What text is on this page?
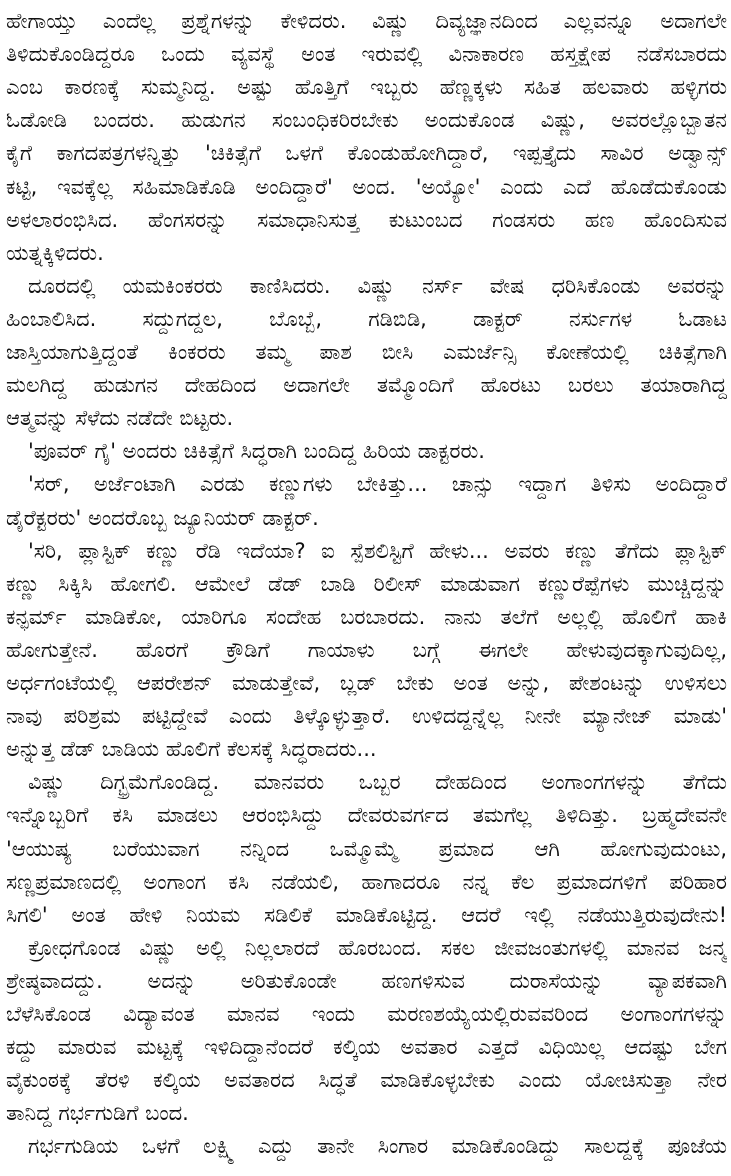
ಹೇಗಾಯ್ತು ಎಂದೆಲ್ಲ ಪ್ರಶ್ನೆಗಳನ್ನು ಕೇಳಿದರು. ವಿಷ್ಣು ದಿವ್ಯಜ್ಞಾನದಿಂದ ಎಲ್ಲವನ್ನೂ ಅದಾಗಲೇ
ತಿಳಿದುಕೊಂಡಿದ್ದರೂ ಒಂದು ವ್ಯವಸ್ಥೆ ಅಂತ ಇರುವಲ್ಲಿ ವಿನಾಕಾರಣ ಹಸ್ತಕ್ಷೇಪ ನಡೆಸಬಾರದು
ಎಂಬ ಕಾರಣಕ್ಕೆ ಸುಮ್ಮನಿದ್ದ. ಅಷ್ಟು ಹೊತ್ತಿಗೆ ಇಬ್ಬರು ಹೆಣ್ಣಕ್ಕಳು ಸಹಿತ ಹಲವಾರು ಹಳ್ಳಿಗರು
ಓಡೋಡಿ ಬಂದರು. ಹುಡುಗನ ಸಂಬಂಧಿಕರಿರಬೇಕು ಅಂದುಕೊಂಡ ವಿಷ್ಣು, ಅವರಲ್ಲೊಬ್ಬಾತನ
ಕೈಗೆ ಕಾಗದಪತ್ರಗಳನ್ನಿತ್ತು 'ಚಿಕಿತ್ಸೆಗೆ ಒಳಗೆ ಕೊಂಡುಹೋಗಿದ್ದಾರೆ, ಇಪ್ಪತ್ತೈದು ಸಾವಿರ ಅಡ್ವಾನ್ಸ್
ಕಟ್ಟಿ, ಇವಕ್ಕೆಲ್ಲ ಸಹಿಮಾಡಿಕೊಡಿ ಅಂದಿದ್ದಾರೆ' ಅಂದ. 'ಅಯ್ಯೋ' ಎಂದು ಎದೆ ಹೊಡೆದುಕೊಂಡು
ಅಳಲಾರಂಭಿಸಿದ. ಹೆಂಗಸರನ್ನು ಸಮಾಧಾನಿಸುತ್ತ ಕುಟುಂಬದ ಗಂಡಸರು ಹಣ ಹೊಂದಿಸುವ
ಯತ್ನಕ್ಕಿಳಿದರು.
ದೂರದಲ್ಲಿ ಯಮಕಿಂಕರರು ಕಾಣಿಸಿದರು. ವಿಷ್ಣು ನರ್ಸ್ ವೇಷ ಧರಿಸಿಕೊಂಡು ಅವರನ್ನು
ಹಿಂಬಾಲಿಸಿದ. ಸದ್ದುಗದ್ದಲ, ಬೊಬ್ಬೆ, ಗಡಿಬಿಡಿ, ಡಾಕ್ಟರ್ ನರ್ಸುಗಳ ಓಡಾಟ
ಜಾಸ್ತಿಯಾಗುತ್ತಿದ್ದಂತೆ ಕಿಂಕರರು ತಮ್ಮ ಪಾಶ ಬೀಸಿ ಎಮರ್ಜೆನ್ಸಿ ಕೋಣೆಯಲ್ಲಿ ಚಿಕಿತ್ಸೆಗಾಗಿ
ಮಲಗಿದ್ದ ಹುಡುಗನ ದೇಹದಿಂದ ಅದಾಗಲೇ ತಮ್ಮೊಂದಿಗೆ ಹೊರಟು ಬರಲು ತಯಾರಾಗಿದ್ದ
ಆತ್ಮವನ್ನು ಸೆಳೆದು ನಡೆದೇ ಬಿಟ್ಟರು.
'ಪೂವರ್ ಗೈ' ಅಂದರು ಚಿಕಿತ್ಸೆಗೆ ಸಿದ್ಧರಾಗಿ ಬಂದಿದ್ದ ಹಿರಿಯ ಡಾಕ್ಟರರು.
'ಸರ್, ಅರ್ಜೆಂಟಾಗಿ ಎರಡು ಕಣ್ಣುಗಳು ಬೇಕಿತ್ತು... ಚಾನ್ಸು ಇದ್ದಾಗ ತಿಳಿಸು ಅಂದಿದ್ದಾರೆ
ಡೈರೆಕ್ಟರರು' ಅಂದರೊಬ್ಬ ಜ್ಯೂನಿಯರ್ ಡಾಕ್ಟರ್.
'ಸರಿ, ಪ್ಲಾಸ್ಟಿಕ್ ಕಣ್ಣು ರೆಡಿ ಇದೆಯಾ? ಐ ಸ್ಪೆಶಲಿಸ್ಟಿಗೆ ಹೇಳು... ಅವರು ಕಣ್ಣು ತೆಗೆದು ಪ್ಲಾಸ್ಟಿಕ್
ಕಣ್ಣು ಸಿಕ್ಕಿಸಿ ಹೋಗಲಿ. ಆಮೇಲೆ ಡೆಡ್ ಬಾಡಿ ರಿಲೀಸ್ ಮಾಡುವಾಗ ಕಣ್ಣುರೆಪ್ಪೆಗಳು ಮುಚ್ಚಿದ್ದನ್ನು
ಕನ್ಫರ್ಮ್ ಮಾಡಿಕೋ, ಯಾರಿಗೂ ಸಂದೇಹ ಬರಬಾರದು. ನಾನು ತಲೆಗೆ ಅಲ್ಲಲ್ಲಿ ಹೊಲಿಗೆ ಹಾಕಿ
ಹೋಗುತ್ತೇನೆ. ಹೊರಗೆ ಕ್ರೌಡಿಗೆ ಗಾಯಾಳು ಬಗ್ಗೆ ಈಗಲೇ ಹೇಳುವುದಕ್ಕಾಗುವುದಿಲ್ಲ,
ಅರ್ಧಗಂಟೆಯಲ್ಲಿ ಆಪರೇಶನ್ ಮಾಡುತ್ತೇವೆ, ಬ್ಲಡ್ ಬೇಕು ಅಂತ ಅನ್ನು, ಪೇಶಂಟನ್ನು ಉಳಿಸಲು
ನಾವು ಪರಿಶ್ರಮ ಪಟ್ಟಿದ್ದೇವೆ ಎಂದು ತಿಳ್ಕೊಳ್ಳುತ್ತಾರೆ. ಉಳಿದದ್ದನ್ನೆಲ್ಲ ನೀನೇ ಮ್ಯಾನೇಜ್ ಮಾಡು'
ಅನ್ನುತ್ತ ಡೆಡ್ ಬಾಡಿಯ ಹೊಲಿಗೆ ಕೆಲಸಕ್ಕೆ ಸಿದ್ಧರಾದರು...
ವಿಷ್ಣು ದಿಗ್ಭ್ರಮೆಗೊಂಡಿದ್ದ. ಮಾನವರು ಒಬ್ಬರ ದೇಹದಿಂದ ಅಂಗಾಂಗಗಳನ್ನು ತೆಗೆದು
ಇನ್ನೊಬ್ಬರಿಗೆ ಕಸಿ ಮಾಡಲು ಆರಂಭಿಸಿದ್ದು ದೇವರುವರ್ಗದ ತಮಗೆಲ್ಲ ತಿಳಿದಿತ್ತು. ಬ್ರಹ್ಮದೇವನೇ
'ಆಯುಷ್ಯ ಬರೆಯುವಾಗ ನನ್ನಿಂದ ಒಮ್ಮೊಮ್ಮೆ ಪ್ರಮಾದ ಆಗಿ ಹೋಗುವುದುಂಟು,
ಸಣ್ಣಪ್ರಮಾಣದಲ್ಲಿ ಅಂಗಾಂಗ ಕಸಿ ನಡೆಯಲಿ, ಹಾಗಾದರೂ ನನ್ನ ಕೆಲ ಪ್ರಮಾದಗಳಿಗೆ ಪರಿಹಾರ
ಸಿಗಲಿ' ಅಂತ ಹೇಳಿ ನಿಯಮ ಸಡಿಲಿಕೆ ಮಾಡಿಕೊಟ್ಟಿದ್ದ. ಆದರೆ ಇಲ್ಲಿ ನಡೆಯುತ್ತಿರುವುದೇನು!
ಕ್ರೋಧಗೊಂಡ ವಿಷ್ಣು ಅಲ್ಲಿ ನಿಲ್ಲಲಾರದೆ ಹೊರಬಂದ. ಸಕಲ ಜೀವಜಂತುಗಳಲ್ಲಿ ಮಾನವ ಜನ್ಮ
ಶ್ರೇಷ್ಠವಾದದ್ದು. ಅದನ್ನು ಅರಿತುಕೊಂಡೇ ಹಣಗಳಿಸುವ ದುರಾಸೆಯನ್ನು ವ್ಯಾಪಕವಾಗಿ
ಬೆಳೆಸಿಕೊಂಡ ವಿದ್ಯಾವಂತ ಮಾನವ ಇಂದು ಮರಣಶಯ್ಯೆಯಲ್ಲಿರುವವರಿಂದ ಅಂಗಾಂಗಗಳನ್ನು
ಕದ್ದು ಮಾರುವ ಮಟ್ಟಕ್ಕೆ ಇಳಿದಿದ್ದಾನೆಂದರೆ ಕಲ್ಕಿಯ ಅವತಾರ ಎತ್ತದೆ ವಿಧಿಯಿಲ್ಲ ಆದಷ್ಟು ಬೇಗ
ವೈಕುಂಠಕ್ಕೆ ತೆರಳಿ ಕಲ್ಕಿಯ ಅವತಾರದ ಸಿದ್ಧತೆ ಮಾಡಿಕೊಳ್ಳಬೇಕು ಎಂದು ಯೋಚಿಸುತ್ತಾ ನೇರ
ತಾನಿದ್ದ ಗರ್ಭಗುಡಿಗೆ ಬಂದ.
ಗರ್ಭಗುಡಿಯ ಒಳಗೆ ಲಕ್ಷ್ಮಿ ಎದ್ದು ತಾನೇ ಸಿಂಗಾರ ಮಾಡಿಕೊಂಡಿದ್ದು ಸಾಲದ್ದಕ್ಕೆ ಪೂಜೆಯ
